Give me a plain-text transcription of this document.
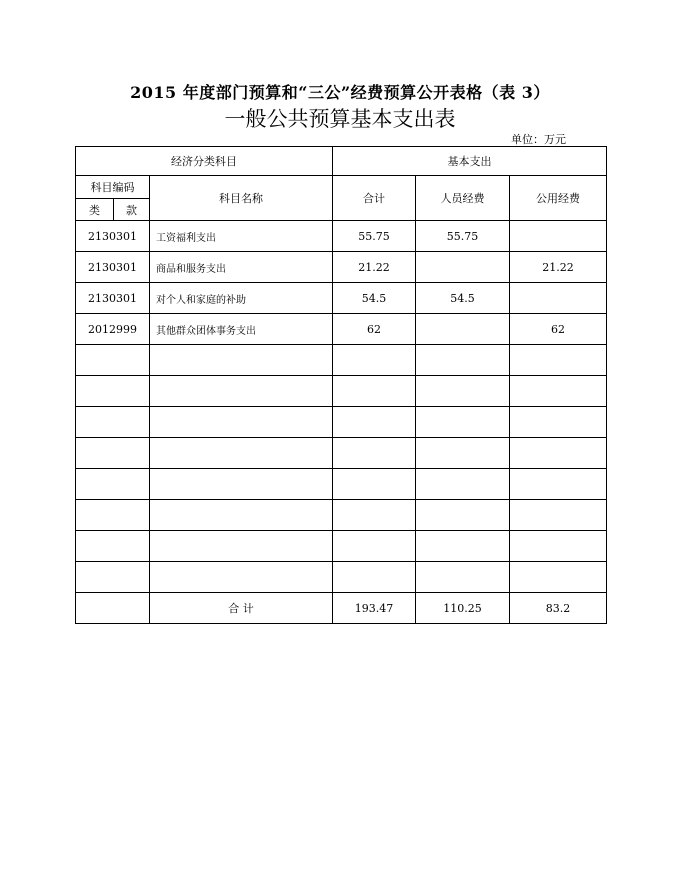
2015 年度部门预算和“三公”经费预算公开表格（表 3）
一般公共预算基本支出表
单位：万元
经济分类科目			基本支出		
科目编码		科目名称	合计	人员经费	公用经费
类	款				
2130301		工资福利支出	55.75	55.75	
2130301		商品和服务支出	21.22		21.22
2130301		对个人和家庭的补助	54.5	54.5	
2012999		其他群众团体事务支出	62		62

		合 计	193.47	110.25	83.2
